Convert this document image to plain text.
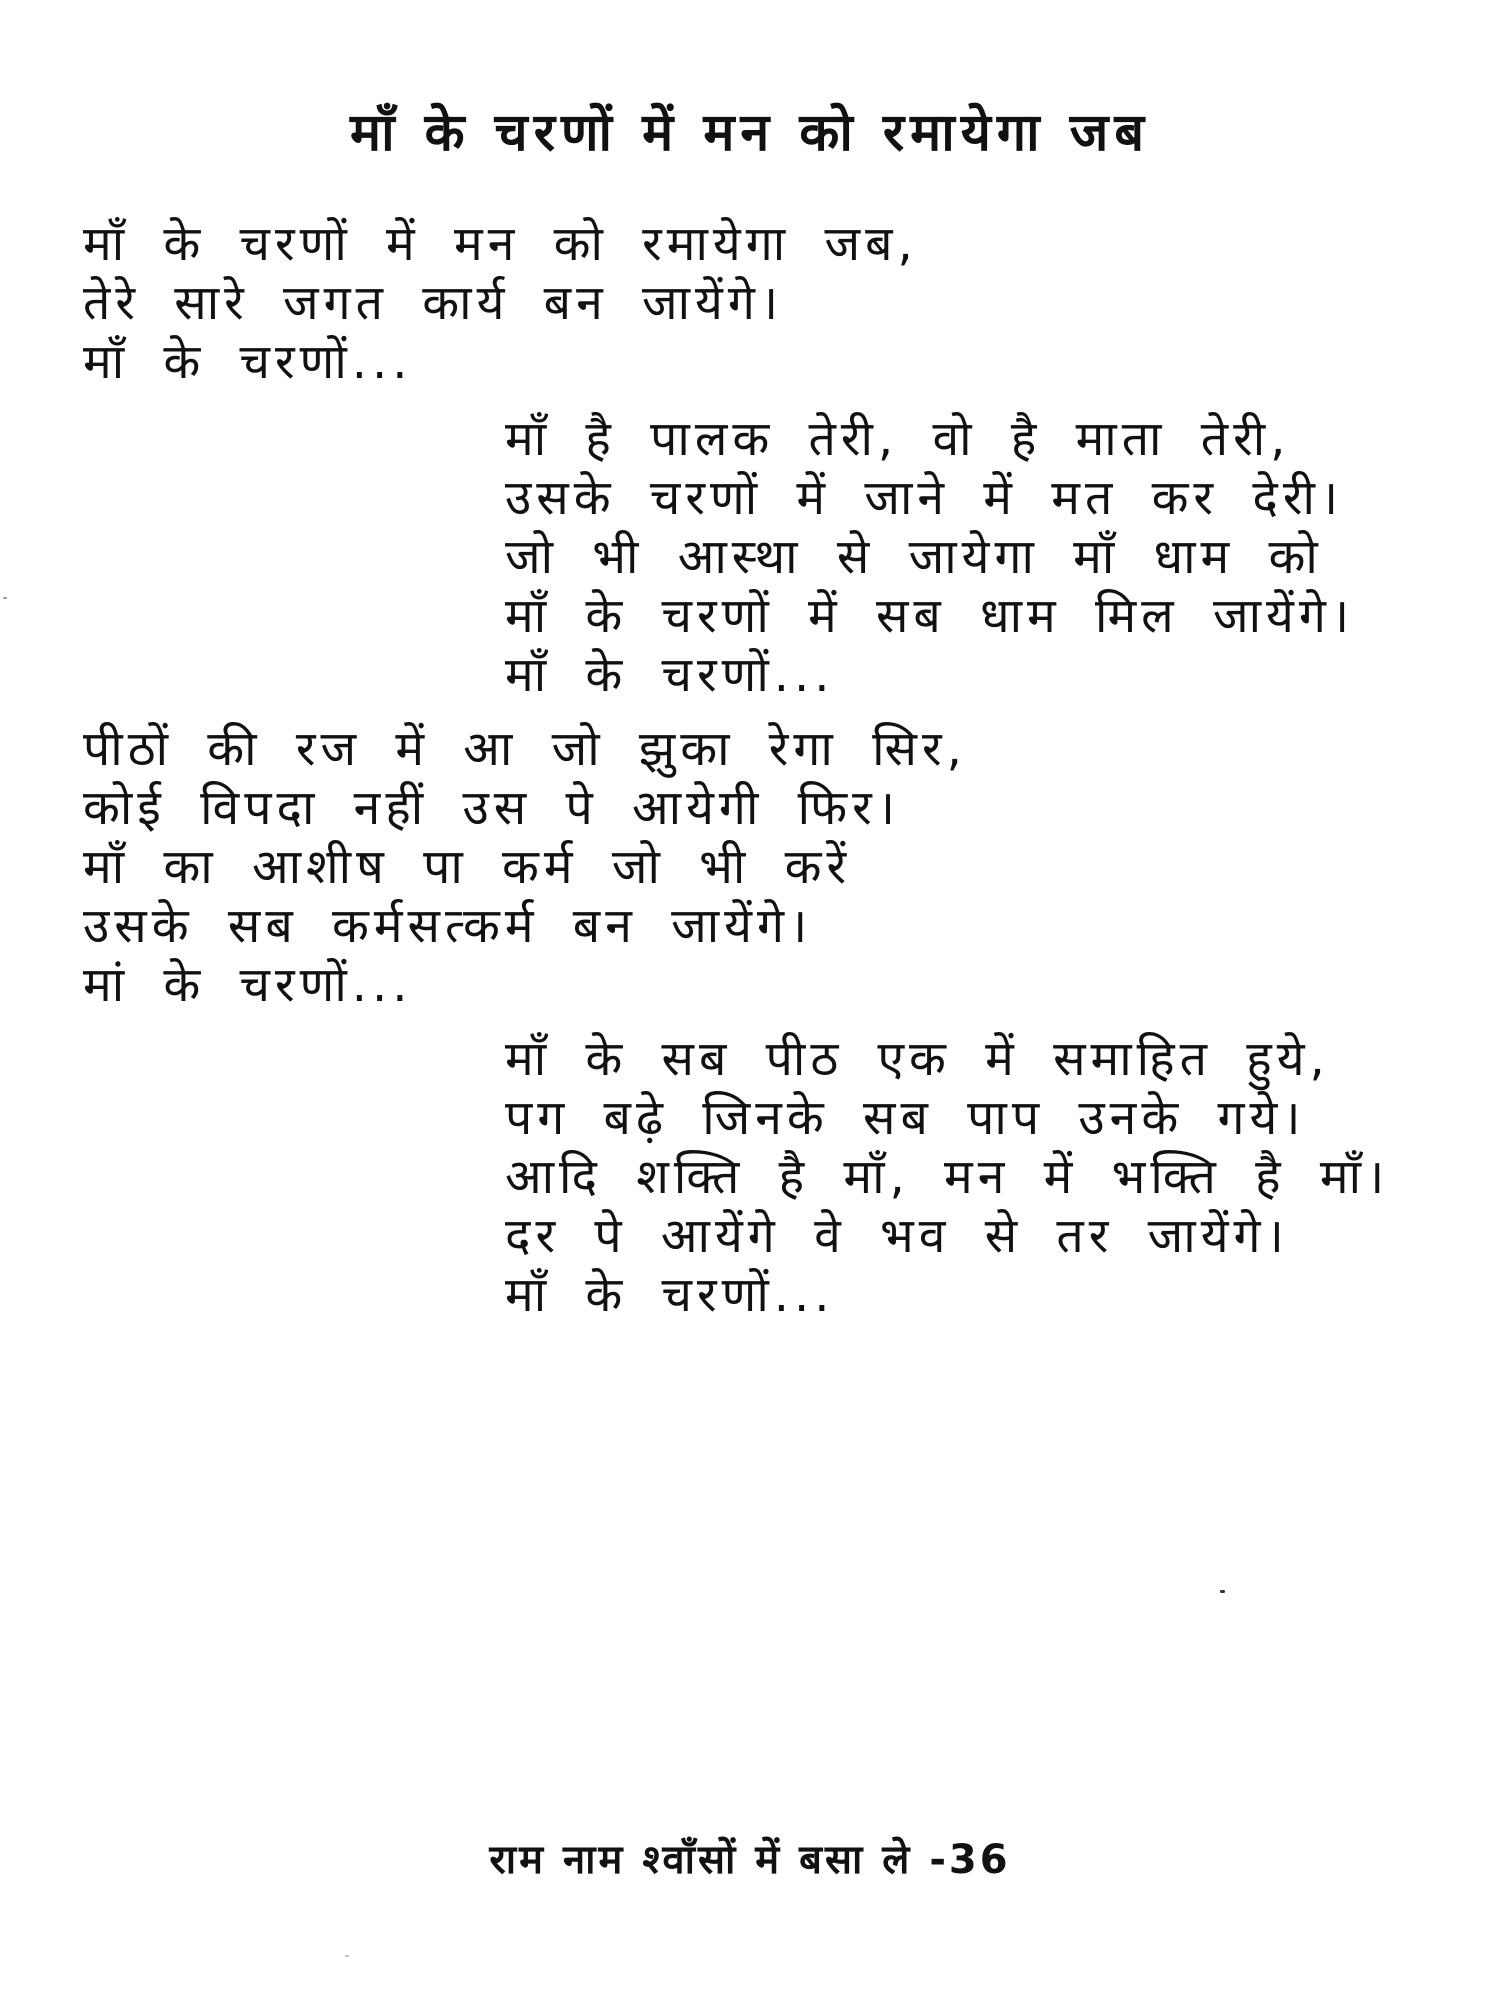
माँ के चरणों में मन को रमायेगा जब
माँ के चरणों में मन को रमायेगा जब,
तेरे सारे जगत कार्य बन जायेंगे।
माँ के चरणों...
माँ है पालक तेरी, वो है माता तेरी,
उसके चरणों में जाने में मत कर देरी।
जो भी आस्था से जायेगा माँ धाम को
माँ के चरणों में सब धाम मिल जायेंगे।
माँ के चरणों...
पीठों की रज में आ जो झुका रेगा सिर,
कोई विपदा नहीं उस पे आयेगी फिर।
माँ का आशीष पा कर्म जो भी करें
उसके सब कर्मसत्कर्म बन जायेंगे।
मां के चरणों...
माँ के सब पीठ एक में समाहित हुये,
पग बढ़े जिनके सब पाप उनके गये।
आदि शक्ति है माँ, मन में भक्ति है माँ।
दर पे आयेंगे वे भव से तर जायेंगे।
माँ के चरणों...
राम नाम श्वाँसों में बसा ले -36
